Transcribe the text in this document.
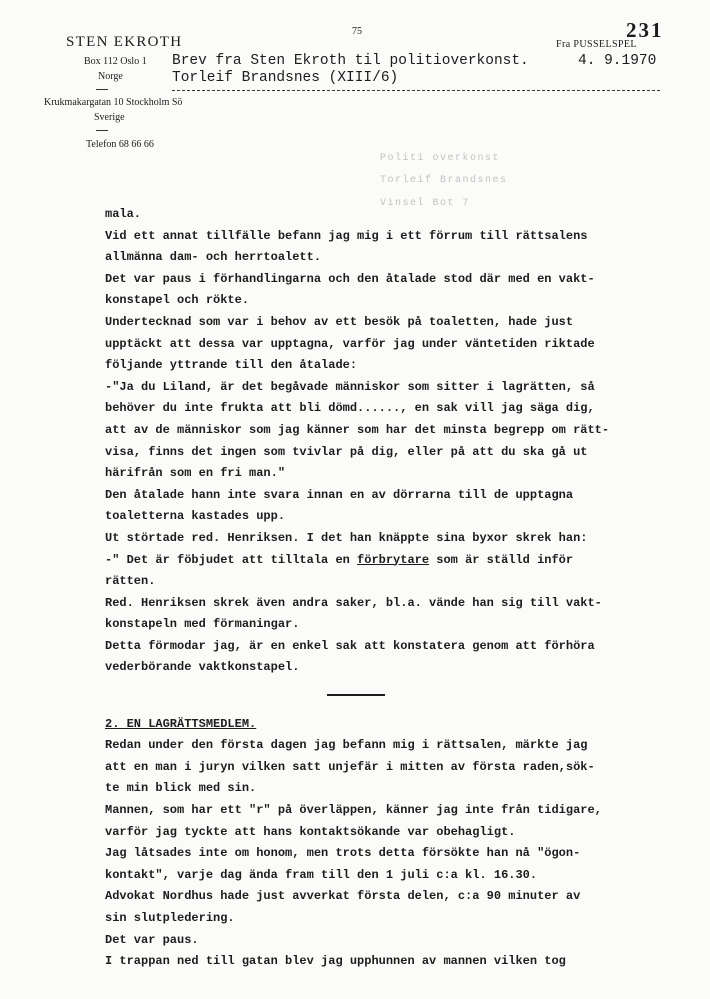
STEN EKROTH
Box 112 Oslo 1
Norge
Krukmakargatan 10 Stockholm Sö
Sverige
Telefon 68 66 66
75	231
Fra PUSSELSPEL
Brev fra Sten Ekroth til politioverkonst.	4. 9.1970
Torleif Brandsnes (XIII/6)
Politi overkonst
Torleif Brandsnes
Vinsel Bot 7
mala.
Vid ett annat tillfälle befann jag mig i ett förrum till rättsalens
allmänna dam- och herrtoalett.
Det var paus i förhandlingarna och den åtalade stod där med en vakt-
konstapel och rökte.
Undertecknad som var i behov av ett besök på toaletten, hade just
upptäckt att dessa var upptagna, varför jag under väntetiden riktade
följande yttrande till den åtalade:
-"Ja du Liland, är det begåvade människor som sitter i lagrätten, så
behöver du inte frukta att bli dömd......, en sak vill jag säga dig,
att av de människor som jag känner som har det minsta begrepp om rätt-
visa, finns det ingen som tvivlar på dig, eller på att du ska gå ut
härifrån som en fri man."
Den åtalade hann inte svara innan en av dörrarna till de upptagna
toaletterna kastades upp.
Ut störtade red. Henriksen. I det han knäppte sina byxor skrek han:
-" Det är föbjudet att tilltala en förbrytare som är ställd inför
rätten.
Red. Henriksen skrek även andra saker, bl.a. vände han sig till vakt-
konstapeln med förmaningar.
Detta förmodar jag, är en enkel sak att konstatera genom att förhöra
vederbörande vaktkonstapel.
2. EN LAGRÄTTSMEDLEM.
Redan under den första dagen jag befann mig i rättsalen, märkte jag
att en man i juryn vilken satt unjefär i mitten av första raden,sök-
te min blick med sin.
Mannen, som har ett "r" på överläppen, känner jag inte från tidigare,
varför jag tyckte att hans kontaktsökande var obehagligt.
Jag låtsades inte om honom, men trots detta försökte han nå "ögon-
kontakt", varje dag ända fram till den 1 juli c:a kl. 16.30.
Advokat Nordhus hade just avverkat första delen, c:a 90 minuter av
sin slutpledering.
Det var paus.
I trappan ned till gatan blev jag upphunnen av mannen vilken tog
